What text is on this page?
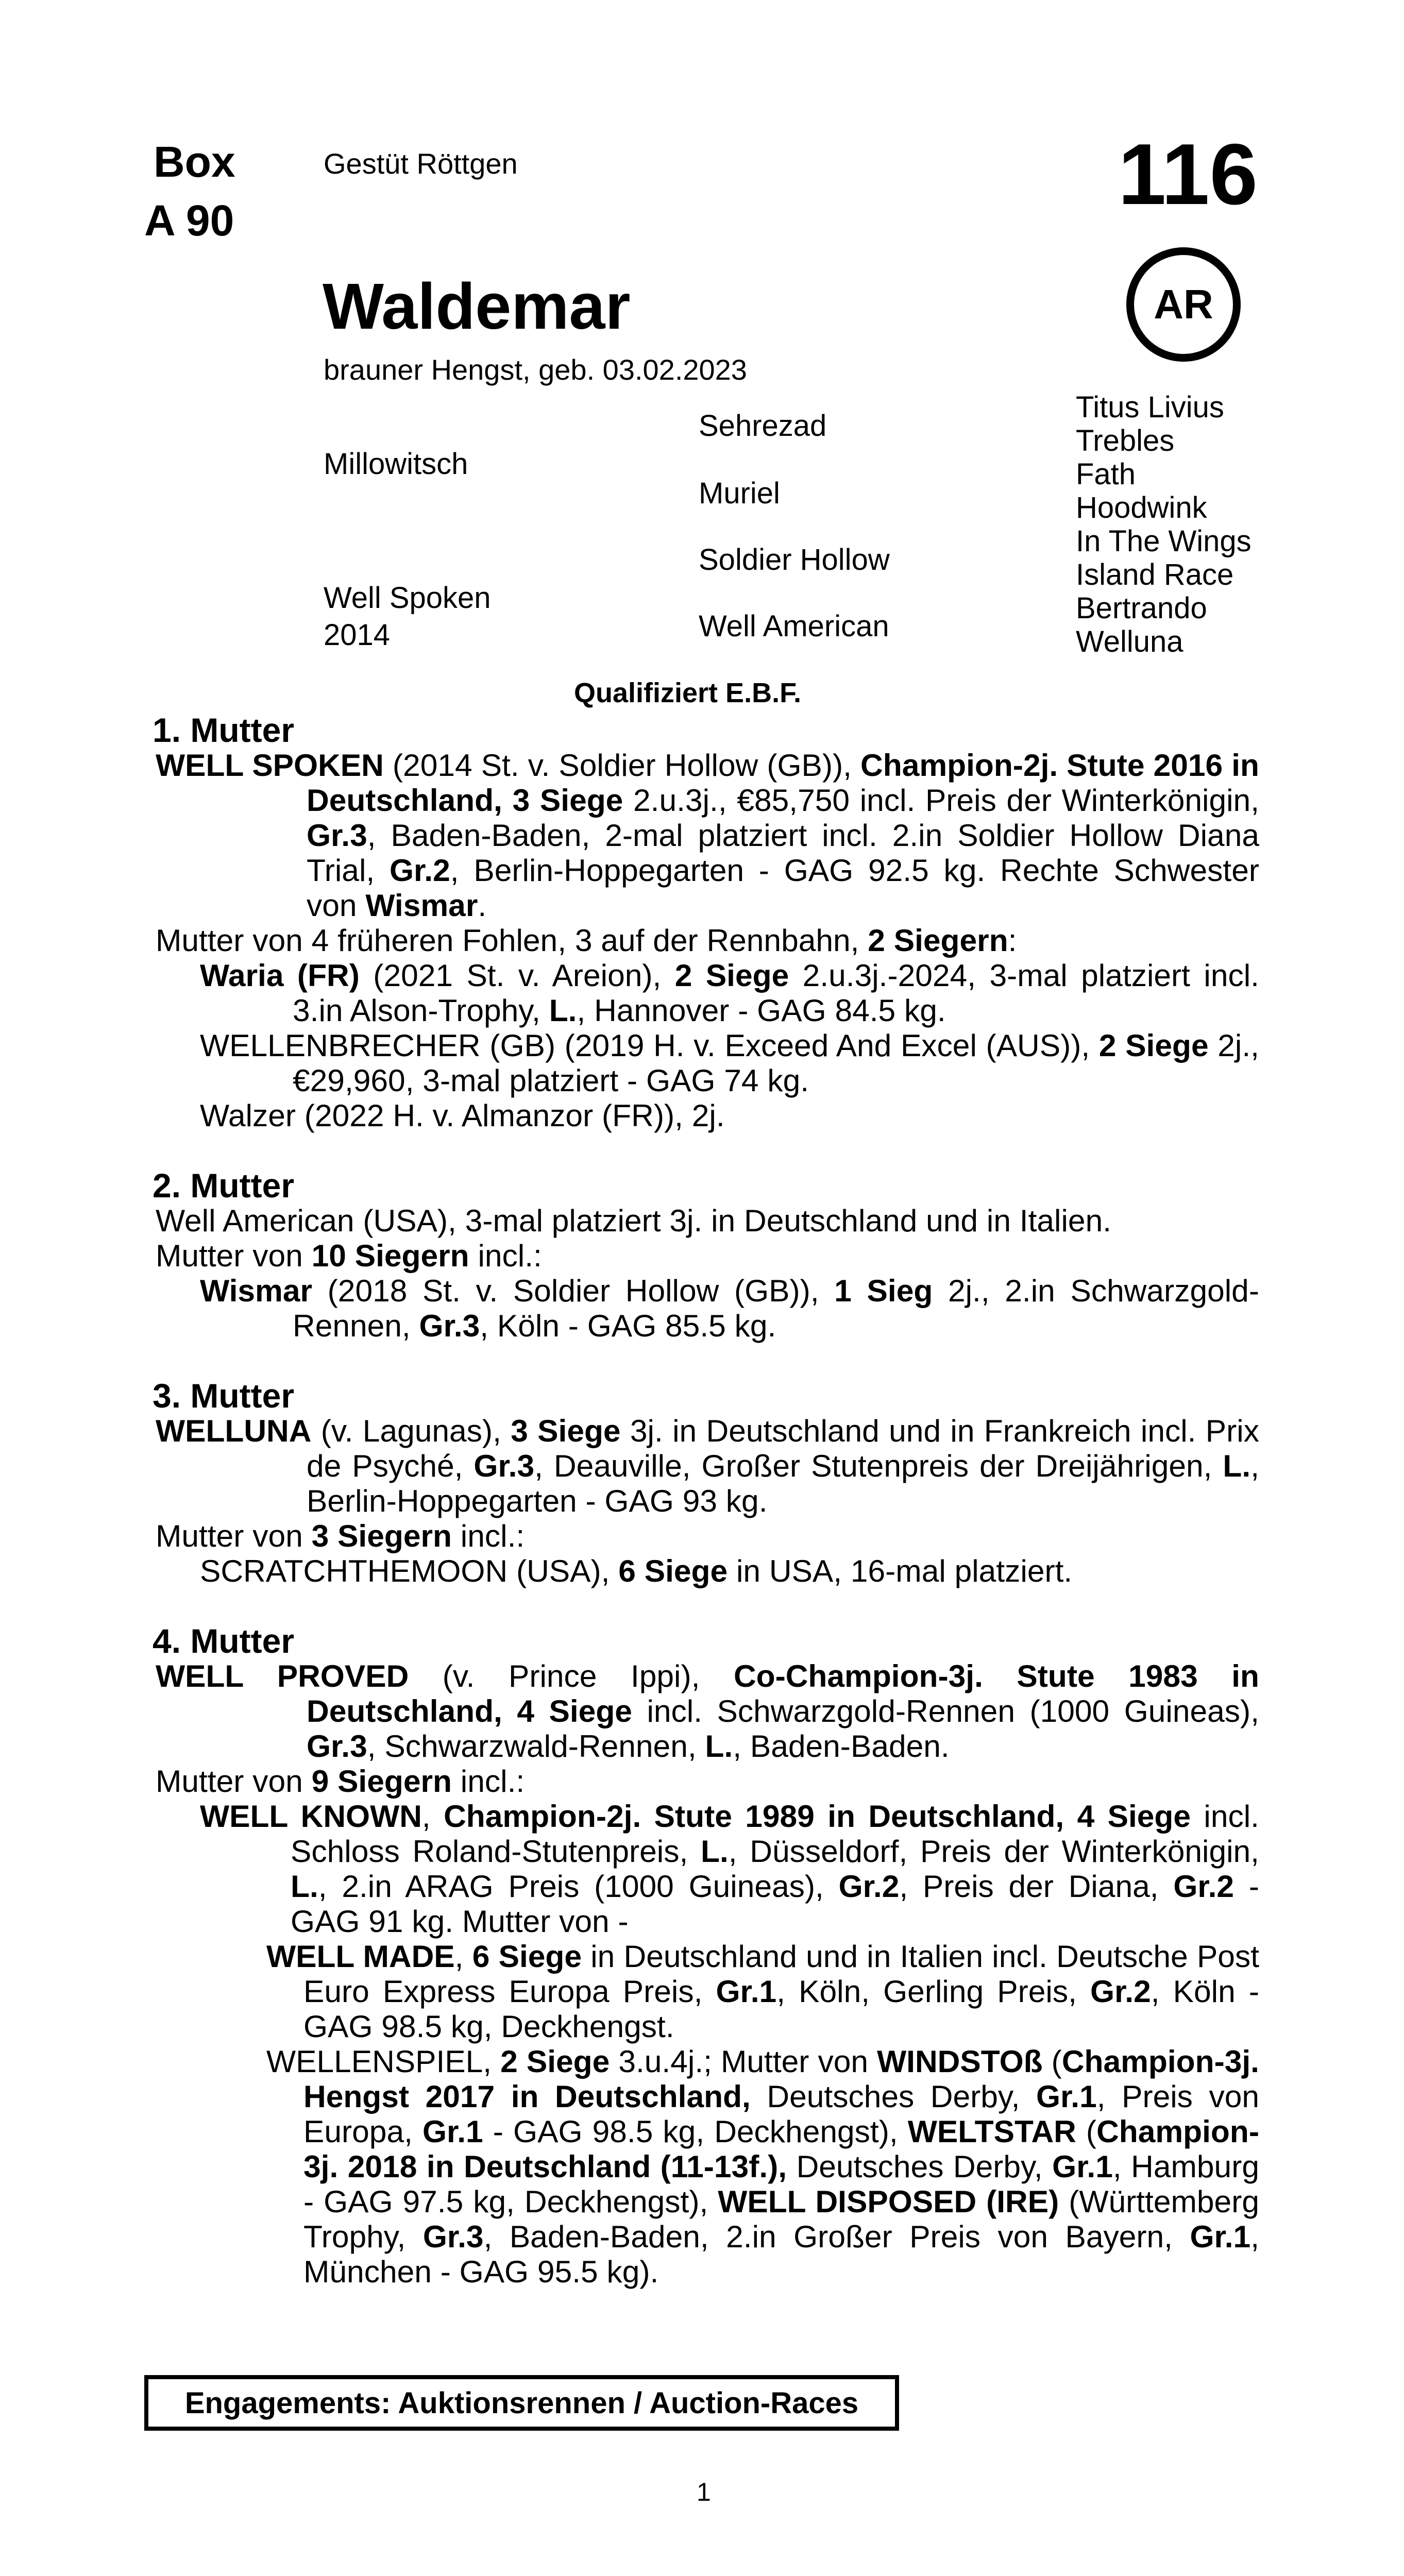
Box
A 90
Gestüt Röttgen	116
AR
Waldemar
brauner Hengst, geb. 03.02.2023
Millowitsch
Well Spoken
2014
Sehrezad
Muriel
Soldier Hollow
Well American
Titus Livius
Trebles
Fath
Hoodwink
In The Wings
Island Race
Bertrando
Welluna
Qualifiziert E.B.F.

1. Mutter

WELL SPOKEN (2014 St. v. Soldier Hollow (GB)), Champion-2j. Stute 2016 in Deutschland, 3 Siege 2.u.3j., €85,750 incl. Preis der Winterkönigin, Gr.3, Baden-Baden, 2-mal platziert incl. 2.in Soldier Hollow Diana Trial, Gr.2, Berlin-Hoppegarten - GAG 92.5 kg. Rechte Schwester von Wismar.

Mutter von 4 früheren Fohlen, 3 auf der Rennbahn, 2 Siegern:

Waria (FR) (2021 St. v. Areion), 2 Siege 2.u.3j.-2024, 3-mal platziert incl. 3.in Alson-Trophy, L., Hannover - GAG 84.5 kg.

WELLENBRECHER (GB) (2019 H. v. Exceed And Excel (AUS)), 2 Siege 2j., €29,960, 3-mal platziert - GAG 74 kg.

Walzer (2022 H. v. Almanzor (FR)), 2j.

2. Mutter

Well American (USA), 3-mal platziert 3j. in Deutschland und in Italien.

Mutter von 10 Siegern incl.:

Wismar (2018 St. v. Soldier Hollow (GB)), 1 Sieg 2j., 2.in Schwarzgold-Rennen, Gr.3, Köln - GAG 85.5 kg.

3. Mutter

WELLUNA (v. Lagunas), 3 Siege 3j. in Deutschland und in Frankreich incl. Prix de Psyché, Gr.3, Deauville, Großer Stutenpreis der Dreijährigen, L., Berlin-Hoppegarten - GAG 93 kg.

Mutter von 3 Siegern incl.:

SCRATCHTHEMOON (USA), 6 Siege in USA, 16-mal platziert.

4. Mutter

WELL PROVED (v. Prince Ippi), Co-Champion-3j. Stute 1983 in Deutschland, 4 Siege incl. Schwarzgold-Rennen (1000 Guineas), Gr.3, Schwarzwald-Rennen, L., Baden-Baden.

Mutter von 9 Siegern incl.:

WELL KNOWN, Champion-2j. Stute 1989 in Deutschland, 4 Siege incl. Schloss Roland-Stutenpreis, L., Düsseldorf, Preis der Winterkönigin, L., 2.in ARAG Preis (1000 Guineas), Gr.2, Preis der Diana, Gr.2 - GAG 91 kg. Mutter von -

WELL MADE, 6 Siege in Deutschland und in Italien incl. Deutsche Post Euro Express Europa Preis, Gr.1, Köln, Gerling Preis, Gr.2, Köln - GAG 98.5 kg, Deckhengst.

WELLENSPIEL, 2 Siege 3.u.4j.; Mutter von WINDSTOß (Champion-3j. Hengst 2017 in Deutschland, Deutsches Derby, Gr.1, Preis von Europa, Gr.1 - GAG 98.5 kg, Deckhengst), WELTSTAR (Champion-3j. 2018 in Deutschland (11-13f.), Deutsches Derby, Gr.1, Hamburg - GAG 97.5 kg, Deckhengst), WELL DISPOSED (IRE) (Württemberg Trophy, Gr.3, Baden-Baden, 2.in Großer Preis von Bayern, Gr.1, München - GAG 95.5 kg).

Engagements: Auktionsrennen / Auction-Races
1
